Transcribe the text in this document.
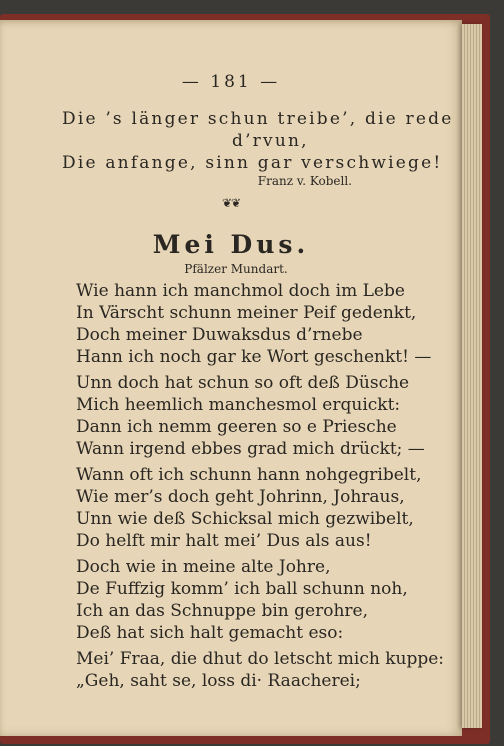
— 181 —
Die ’s länger schun treibe’, die rede
d’rvun,
Die anfange, sinn gar verschwiege!
Franz v. Kobell.
❦❦
Mei Dus.
Pfälzer Mundart.
Wie hann ich manchmol doch im Lebe
In Värscht schunn meiner Peif gedenkt,
Doch meiner Duwaksdus d’rnebe
Hann ich noch gar ke Wort geschenkt! —
Unn doch hat schun so oft deß Düsche
Mich heemlich manchesmol erquickt:
Dann ich nemm geeren so e Priesche
Wann irgend ebbes grad mich drückt; —
Wann oft ich schunn hann nohgegribelt,
Wie mer’s doch geht Johrinn, Johraus,
Unn wie deß Schicksal mich gezwibelt,
Do helft mir halt mei’ Dus als aus!
Doch wie in meine alte Johre,
De Fuffzig komm’ ich ball schunn noh,
Ich an das Schnuppe bin gerohre,
Deß hat sich halt gemacht eso:
Mei’ Fraa, die dhut do letscht mich kuppe:
„Geh, saht se, loss di· Raacherei;
